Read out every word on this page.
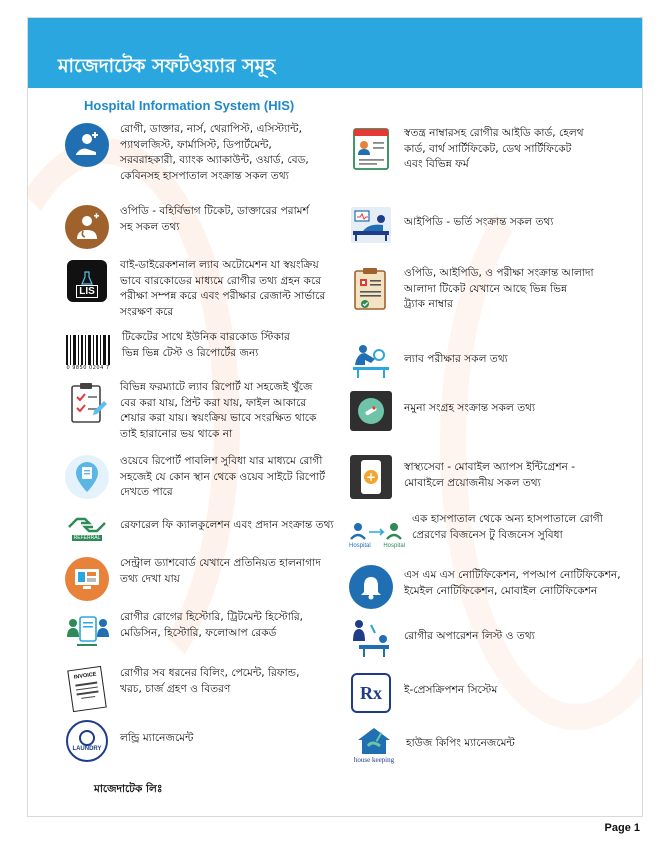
মাজেদাটেক সফটওয়্যার সমূহ
Hospital Information System (HIS)
রোগী, ডাক্তার, নার্স, থেরাপিস্ট, এসিস্ট্যান্ট,
প্যাথলজিস্ট, ফার্মাসিস্ট, ডিপার্টমেন্ট,
সরবরাহকারী, ব্যাংক অ্যাকাউন্ট, ওয়ার্ড, বেড,
কেবিনসহ হাসপাতাল সংক্রান্ত সকল তথ্য
ওপিডি - বহির্বিভাগ টিকেট, ডাক্তারের পরামর্শ
সহ সকল তথ্য
LIS
বাই-ডাইরেকশনাল ল্যাব অটোমেশন যা স্বয়ংক্রিয়
ভাবে বারকোডের মাধ্যমে রোগীর তথ্য গ্রহন করে
পরীক্ষা সম্পন্ন করে এবং পরীক্ষার রেজাল্ট সার্ভারে
সংরক্ষণ করে
0 9850 0204 7
টিকেটের সাথে ইউনিক বারকোড স্টিকার
ভিন্ন ভিন্ন টেস্ট ও রিপোর্টের জন্য
বিভিন্ন ফরম্যাটে ল্যাব রিপোর্ট যা সহজেই খুঁজে
বের করা যায়, প্রিন্ট করা যায়, ফাইল আকারে
শেয়ার করা যায়। স্বয়ংক্রিয় ভাবে সংরক্ষিত থাকে
তাই হারানোর ভয় থাকে না
ওয়েবে রিপোর্ট পাবলিশ সুবিধা যার মাধ্যমে রোগী
সহজেই যে কোন স্থান থেকে ওয়েব সাইটে রিপোর্ট
দেখতে পারে
REFERRAL
রেফারেল ফি ক্যালকুলেশন এবং প্রদান সংক্রান্ত তথ্য
সেন্ট্রাল ড্যাশবোর্ড যেখানে প্রতিনিয়ত হালনাগাদ
তথ্য দেখা যায়
রোগীর রোগের হিস্টোরি, ট্রিটমেন্ট হিস্টোরি,
মেডিসিন, হিস্টোরি, ফলোআপ রেকর্ড
INVOICE রোগীর সব ধরনের বিলিং, পেমেন্ট, রিফান্ড,
খরচ, চার্জ গ্রহণ ও বিতরণ
LAUNDRY
লন্ড্রি ম্যানেজমেন্ট
স্বতন্ত্র নাম্বারসহ রোগীর আইডি কার্ড, হেলথ
কার্ড, বার্থ সার্টিফিকেট, ডেথ সার্টিফিকেট
এবং বিভিন্ন ফর্ম
আইপিডি - ভর্তি সংক্রান্ত সকল তথ্য
ওপিডি, আইপিডি, ও পরীক্ষা সংক্রান্ত আলাদা
আলাদা টিকেট যেখানে আছে ভিন্ন ভিন্ন
ট্র্যাক নাম্বার
ল্যাব পরীক্ষার সকল তথ্য
নমুনা সংগ্রহ সংক্রান্ত সকল তথ্য
+
স্বাস্থ্যসেবা - মোবাইল অ্যাপস ইন্টিগ্রেশন -
মোবাইলে প্রয়োজনীয় সকল তথ্য
Hospital Hospital
এক হাসপাতাল থেকে অন্য হাসপাতালে রোগী
প্রেরণের বিজনেস টু বিজনেস সুবিধা
এস এম এস নোটিফিকেশন, পপআপ নোটিফিকেশন,
ইমেইল নোটিফিকেশন, মোবাইল নোটিফিকেশন
রোগীর অপারেশন লিস্ট ও তথ্য
Rx ই-প্রেসক্রিপশন সিস্টেম
house keeping
হাউজ কিপিং ম্যানেজমেন্ট
মাজেদাটেক লিঃ
Page 1
